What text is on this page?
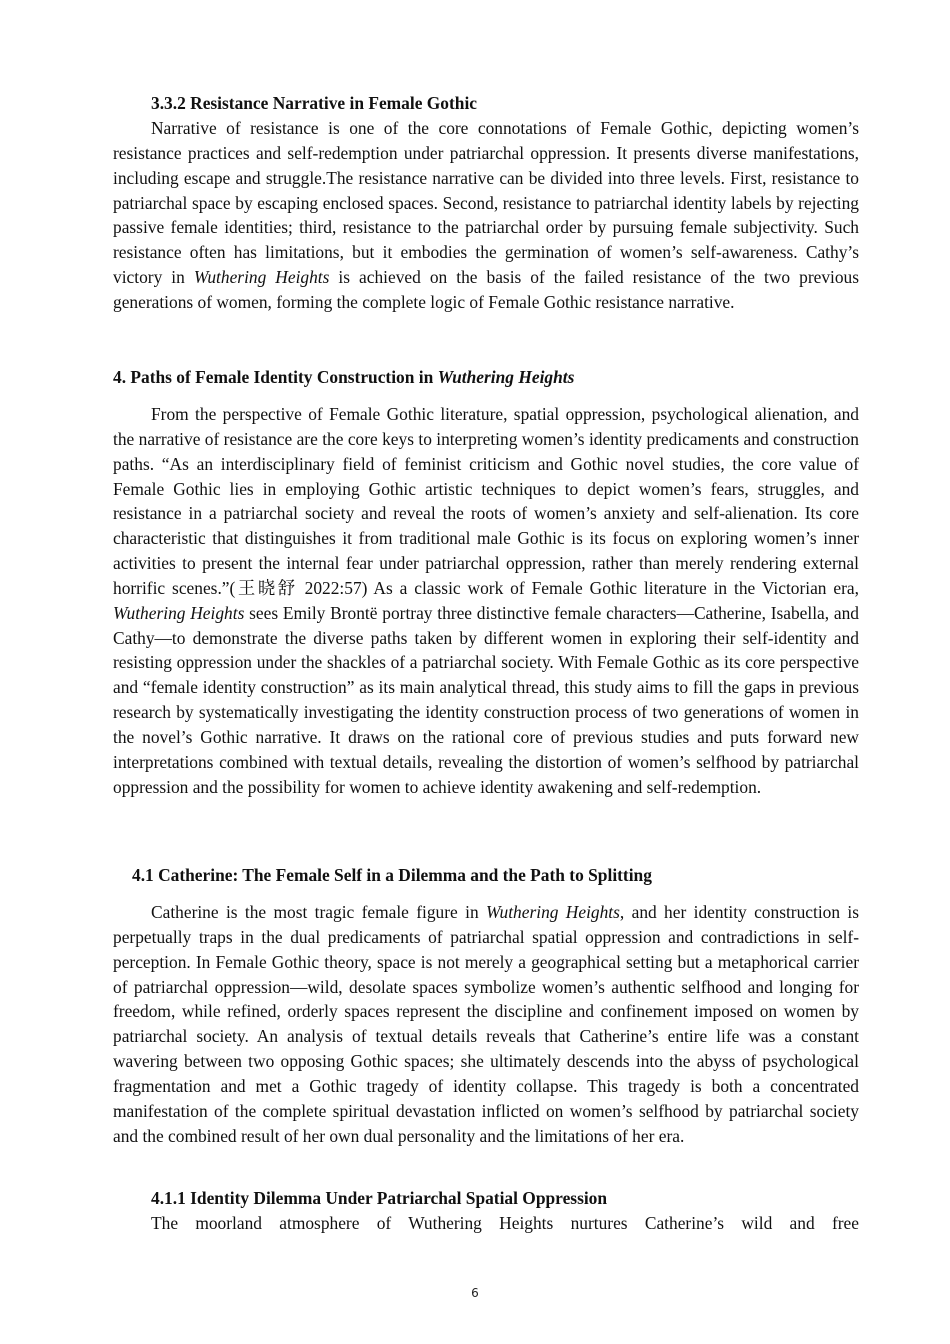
3.3.2 Resistance Narrative in Female Gothic

Narrative of resistance is one of the core connotations of Female Gothic, depicting women’s resistance practices and self-redemption under patriarchal oppression. It presents diverse manifestations, including escape and struggle.The resistance narrative can be divided into three levels. First, resistance to patriarchal space by escaping enclosed spaces. Second, resistance to patriarchal identity labels by rejecting passive female identities; third, resistance to the patriarchal order by pursuing female subjectivity. Such resistance often has limitations, but it embodies the germination of women’s self-awareness. Cathy’s victory in Wuthering Heights is achieved on the basis of the failed resistance of the two previous generations of women, forming the complete logic of Female Gothic resistance narrative.

4. Paths of Female Identity Construction in Wuthering Heights

From the perspective of Female Gothic literature, spatial oppression, psychological alienation, and the narrative of resistance are the core keys to interpreting women’s identity predicaments and construction paths. “As an interdisciplinary field of feminist criticism and Gothic novel studies, the core value of Female Gothic lies in employing Gothic artistic techniques to depict women’s fears, struggles, and resistance in a patriarchal society and reveal the roots of women’s anxiety and self-alienation. Its core characteristic that distinguishes it from traditional male Gothic is its focus on exploring women’s inner activities to present the internal fear under patriarchal oppression, rather than merely rendering external horrific scenes.”(王晓舒 2022:57) As a classic work of Female Gothic literature in the Victorian era, Wuthering Heights sees Emily Brontë portray three distinctive female characters—Catherine, Isabella, and Cathy—to demonstrate the diverse paths taken by different women in exploring their self-identity and resisting oppression under the shackles of a patriarchal society. With Female Gothic as its core perspective and “female identity construction” as its main analytical thread, this study aims to fill the gaps in previous research by systematically investigating the identity construction process of two generations of women in the novel’s Gothic narrative. It draws on the rational core of previous studies and puts forward new interpretations combined with textual details, revealing the distortion of women’s selfhood by patriarchal oppression and the possibility for women to achieve identity awakening and self-redemption.

4.1 Catherine: The Female Self in a Dilemma and the Path to Splitting

Catherine is the most tragic female figure in Wuthering Heights, and her identity construction is perpetually traps in the dual predicaments of patriarchal spatial oppression and contradictions in self-perception. In Female Gothic theory, space is not merely a geographical setting but a metaphorical carrier of patriarchal oppression—wild, desolate spaces symbolize women’s authentic selfhood and longing for freedom, while refined, orderly spaces represent the discipline and confinement imposed on women by patriarchal society. An analysis of textual details reveals that Catherine’s entire life was a constant wavering between two opposing Gothic spaces; she ultimately descends into the abyss of psychological fragmentation and met a Gothic tragedy of identity collapse. This tragedy is both a concentrated manifestation of the complete spiritual devastation inflicted on women’s selfhood by patriarchal society and the combined result of her own dual personality and the limitations of her era.

4.1.1 Identity Dilemma Under Patriarchal Spatial Oppression

The moorland atmosphere of Wuthering Heights nurtures Catherine’s wild and free

6
